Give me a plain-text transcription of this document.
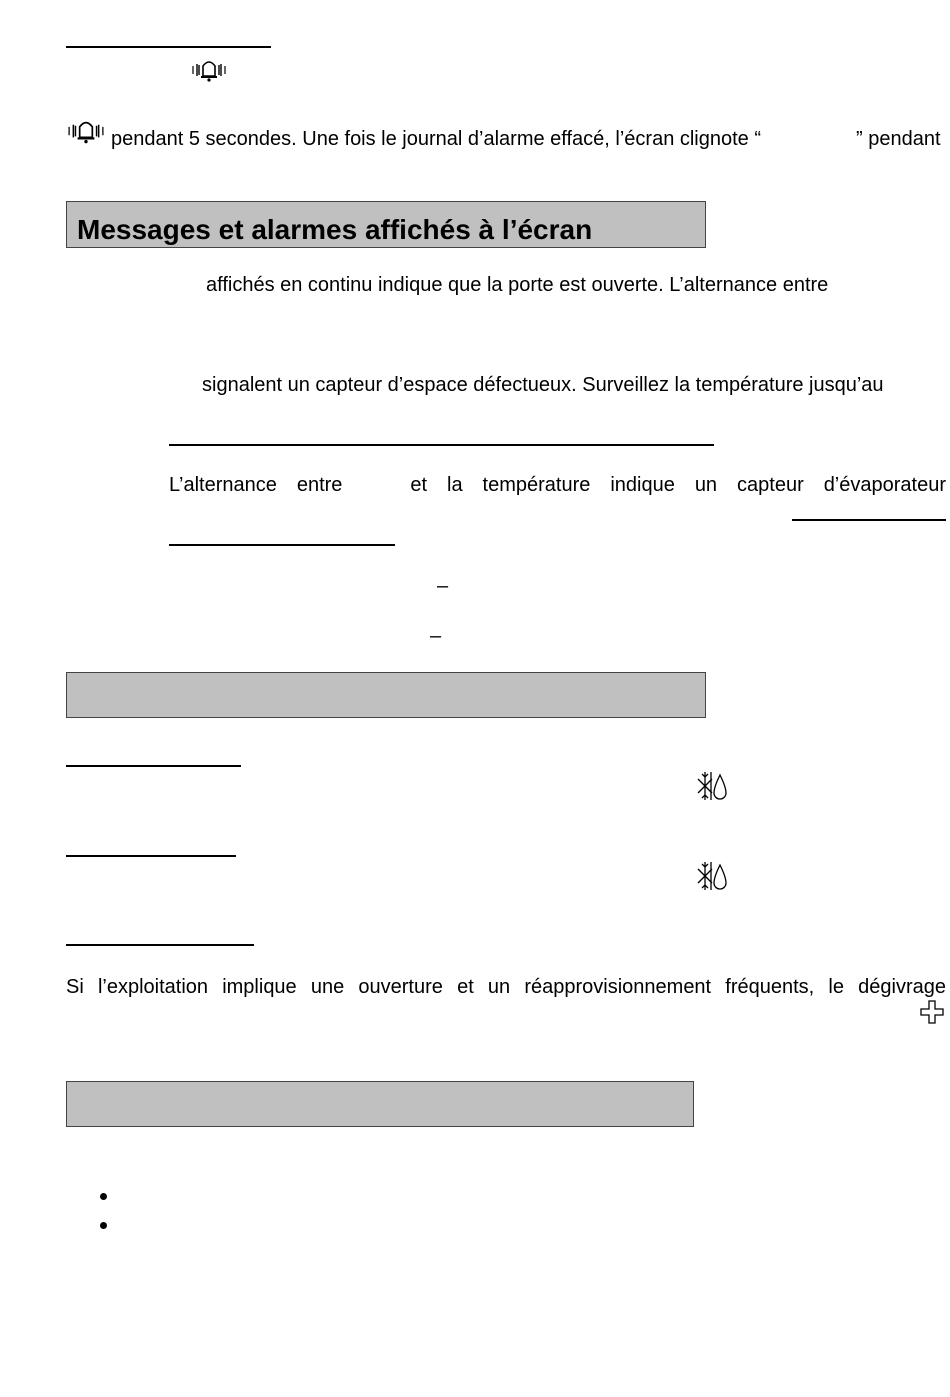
pendant 5 secondes. Une fois le journal d’alarme effacé, l’écran clignote “	” pendant
Messages et alarmes affichés à l’écran
affichés en continu indique que la porte est ouverte. L’alternance entre
signalent un capteur d’espace défectueux. Surveillez la température jusqu’au
L’alternance entre	et la température indique un capteur d’évaporateur
–
–
Si l’exploitation implique une ouverture et un réapprovisionnement fréquents, le dégivrage
